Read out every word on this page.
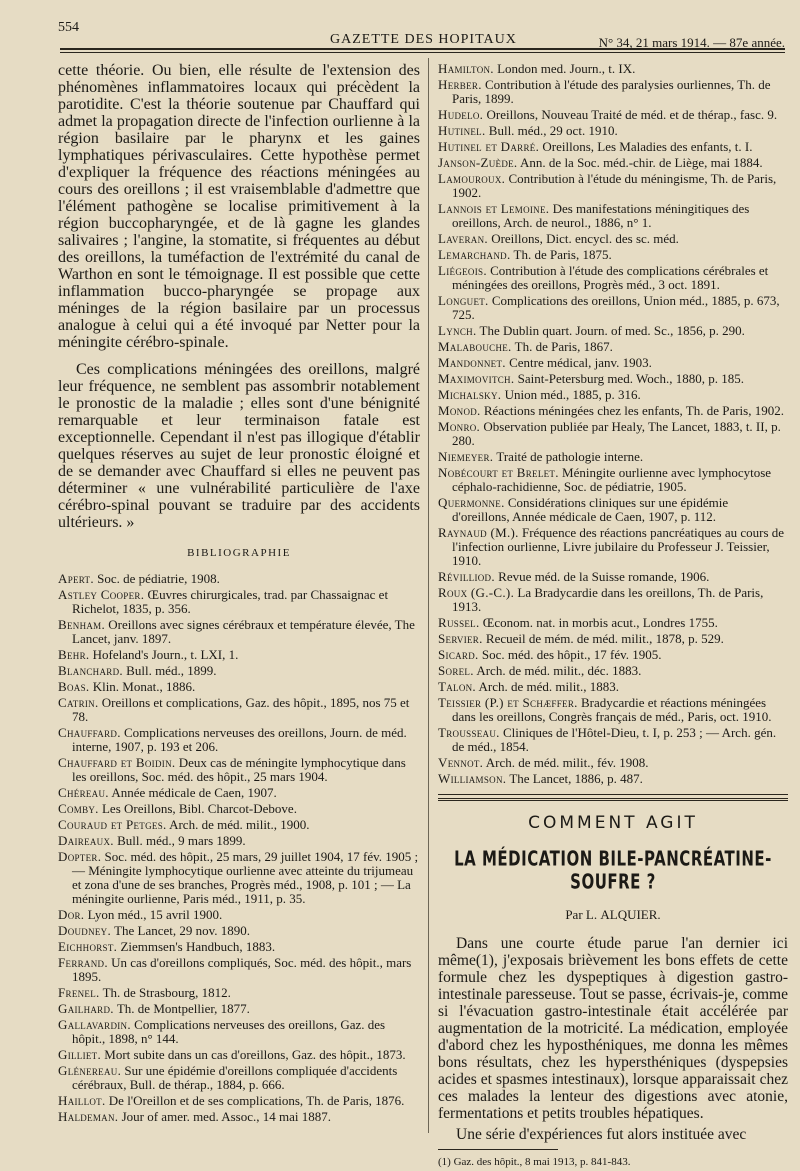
554
GAZETTE DES HOPITAUX	N° 34, 21 mars 1914. — 87e année.

cette théorie. Ou bien, elle résulte de l'extension des phénomènes inflammatoires locaux qui précèdent la parotidite. C'est la théorie soutenue par Chauffard qui admet la propagation directe de l'infection ourlienne à la région basilaire par le pharynx et les gaines lymphatiques périvasculaires. Cette hypothèse permet d'expliquer la fréquence des réactions méningées au cours des oreillons ; il est vraisemblable d'admettre que l'élément pathogène se localise primitivement à la région buccopharyngée, et de là gagne les glandes salivaires ; l'angine, la stomatite, si fréquentes au début des oreillons, la tuméfaction de l'extrémité du canal de Warthon en sont le témoignage. Il est possible que cette inflammation bucco-pharyngée se propage aux méninges de la région basilaire par un processus analogue à celui qui a été invoqué par Netter pour la méningite cérébro-spinale.

Ces complications méningées des oreillons, malgré leur fréquence, ne semblent pas assombrir notablement le pronostic de la maladie ; elles sont d'une bénignité remarquable et leur terminaison fatale est exceptionnelle. Cependant il n'est pas illogique d'établir quelques réserves au sujet de leur pronostic éloigné et de se demander avec Chauffard si elles ne peuvent pas déterminer « une vulnérabilité particulière de l'axe cérébro-spinal pouvant se traduire par des accidents ultérieurs. »

BIBLIOGRAPHIE

Apert. Soc. de pédiatrie, 1908.

Astley Cooper. Œuvres chirurgicales, trad. par Chassaignac et Richelot, 1835, p. 356.

Benham. Oreillons avec signes cérébraux et température élevée, The Lancet, janv. 1897.

Behr. Hofeland's Journ., t. LXI, 1.

Blanchard. Bull. méd., 1899.

Boas. Klin. Monat., 1886.

Catrin. Oreillons et complications, Gaz. des hôpit., 1895, nos 75 et 78.

Chauffard. Complications nerveuses des oreillons, Journ. de méd. interne, 1907, p. 193 et 206.

Chauffard et Boidin. Deux cas de méningite lymphocytique dans les oreillons, Soc. méd. des hôpit., 25 mars 1904.

Chéreau. Année médicale de Caen, 1907.

Comby. Les Oreillons, Bibl. Charcot-Debove.

Couraud et Petges. Arch. de méd. milit., 1900.

Daireaux. Bull. méd., 9 mars 1899.

Dopter. Soc. méd. des hôpit., 25 mars, 29 juillet 1904, 17 fév. 1905 ; — Méningite lymphocytique ourlienne avec atteinte du trijumeau et zona d'une de ses branches, Progrès méd., 1908, p. 101 ; — La méningite ourlienne, Paris méd., 1911, p. 35.

Dor. Lyon méd., 15 avril 1900.

Doudney. The Lancet, 29 nov. 1890.

Eichhorst. Ziemmsen's Handbuch, 1883.

Ferrand. Un cas d'oreillons compliqués, Soc. méd. des hôpit., mars 1895.

Frenel. Th. de Strasbourg, 1812.

Gailhard. Th. de Montpellier, 1877.

Gallavardin. Complications nerveuses des oreillons, Gaz. des hôpit., 1898, n° 144.

Gilliet. Mort subite dans un cas d'oreillons, Gaz. des hôpit., 1873.

Glénereau. Sur une épidémie d'oreillons compliquée d'accidents cérébraux, Bull. de thérap., 1884, p. 666.

Haillot. De l'Oreillon et de ses complications, Th. de Paris, 1876.

Haldeman. Jour of amer. med. Assoc., 14 mai 1887.

Hamilton. London med. Journ., t. IX.

Herber. Contribution à l'étude des paralysies ourliennes, Th. de Paris, 1899.

Hudelo. Oreillons, Nouveau Traité de méd. et de thérap., fasc. 9.

Hutinel. Bull. méd., 29 oct. 1910.

Hutinel et Darré. Oreillons, Les Maladies des enfants, t. I.

Janson-Zuède. Ann. de la Soc. méd.-chir. de Liège, mai 1884.

Lamouroux. Contribution à l'étude du méningisme, Th. de Paris, 1902.

Lannois et Lemoine. Des manifestations méningitiques des oreillons, Arch. de neurol., 1886, n° 1.

Laveran. Oreillons, Dict. encycl. des sc. méd.

Lemarchand. Th. de Paris, 1875.

Liégeois. Contribution à l'étude des complications cérébrales et méningées des oreillons, Progrès méd., 3 oct. 1891.

Longuet. Complications des oreillons, Union méd., 1885, p. 673, 725.

Lynch. The Dublin quart. Journ. of med. Sc., 1856, p. 290.

Malabouche. Th. de Paris, 1867.

Mandonnet. Centre médical, janv. 1903.

Maximovitch. Saint-Petersburg med. Woch., 1880, p. 185.

Michalsky. Union méd., 1885, p. 316.

Monod. Réactions méningées chez les enfants, Th. de Paris, 1902.

Monro. Observation publiée par Healy, The Lancet, 1883, t. II, p. 280.

Niemeyer. Traité de pathologie interne.

Nobécourt et Brelet. Méningite ourlienne avec lymphocytose céphalo-rachidienne, Soc. de pédiatrie, 1905.

Quermonne. Considérations cliniques sur une épidémie d'oreillons, Année médicale de Caen, 1907, p. 112.

Raynaud (M.). Fréquence des réactions pancréatiques au cours de l'infection ourlienne, Livre jubilaire du Professeur J. Teissier, 1910.

Révilliod. Revue méd. de la Suisse romande, 1906.

Roux (G.-C.). La Bradycardie dans les oreillons, Th. de Paris, 1913.

Russel. Œconom. nat. in morbis acut., Londres 1755.

Servier. Recueil de mém. de méd. milit., 1878, p. 529.

Sicard. Soc. méd. des hôpit., 17 fév. 1905.

Sorel. Arch. de méd. milit., déc. 1883.

Talon. Arch. de méd. milit., 1883.

Teissier (P.) et Schæffer. Bradycardie et réactions méningées dans les oreillons, Congrès français de méd., Paris, oct. 1910.

Trousseau. Cliniques de l'Hôtel-Dieu, t. I, p. 253 ; — Arch. gén. de méd., 1854.

Vennot. Arch. de méd. milit., fév. 1908.

Williamson. The Lancet, 1886, p. 487.

COMMENT AGIT
LA MÉDICATION BILE-PANCRÉATINE-SOUFRE ?
Par L. ALQUIER.

Dans une courte étude parue l'an dernier ici même(1), j'exposais brièvement les bons effets de cette formule chez les dyspeptiques à digestion gastro-intestinale paresseuse. Tout se passe, écrivais-je, comme si l'évacuation gastro-intestinale était accélérée par augmentation de la motricité. La médication, employée d'abord chez les hyposthéniques, me donna les mêmes bons résultats, chez les hypersthéniques (dyspepsies acides et spasmes intestinaux), lorsque apparaissait chez ces malades la lenteur des digestions avec atonie, fermentations et petits troubles hépatiques.

Une série d'expériences fut alors instituée avec

(1) Gaz. des hôpit., 8 mai 1913, p. 841-843.
